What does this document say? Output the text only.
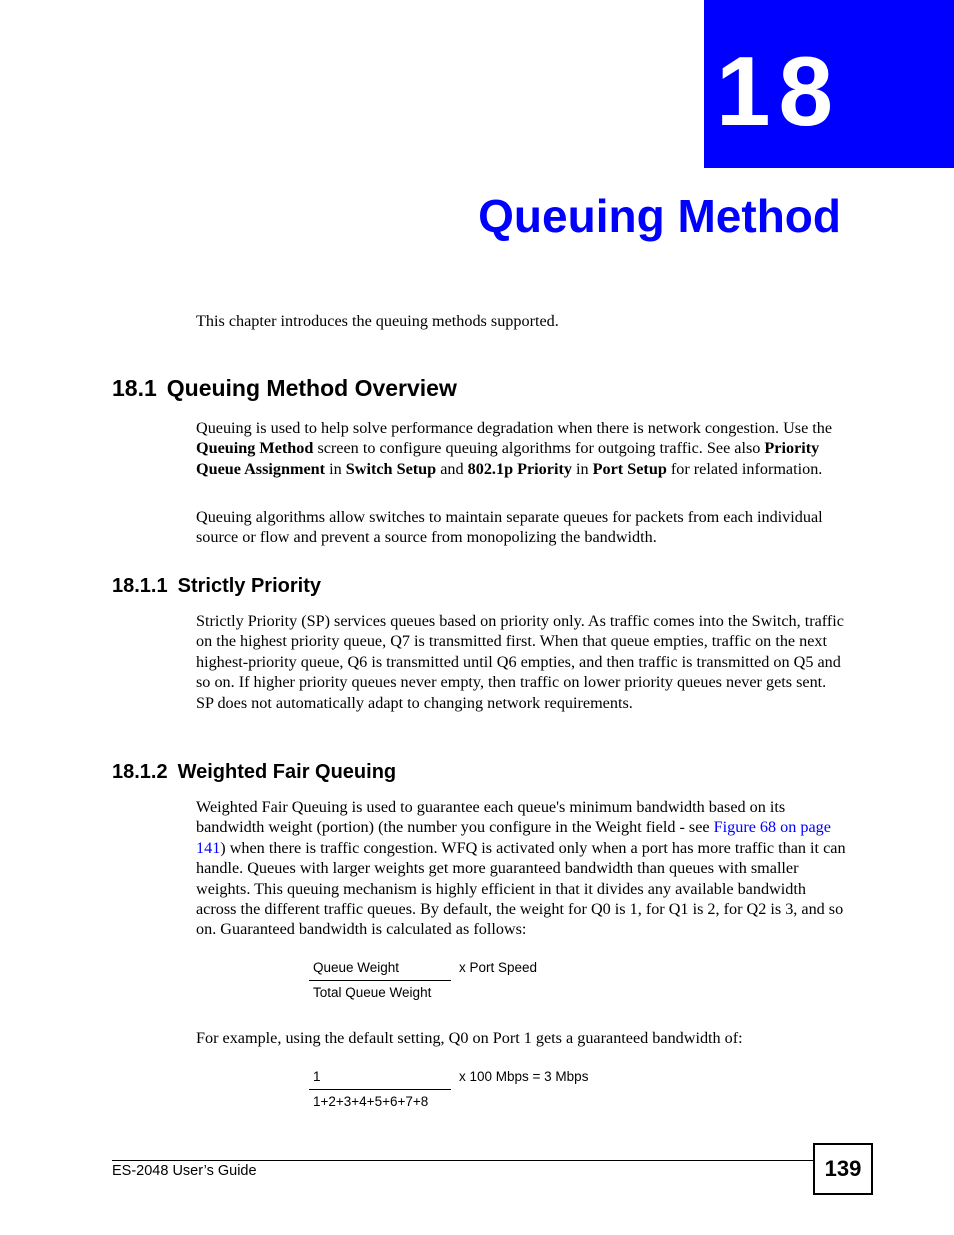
18
Queuing Method

This chapter introduces the queuing methods supported.

18.1 Queuing Method Overview

Queuing is used to help solve performance degradation when there is network congestion. Use the Queuing Method screen to configure queuing algorithms for outgoing traffic. See also Priority Queue Assignment in Switch Setup and 802.1p Priority in Port Setup for related information.

Queuing algorithms allow switches to maintain separate queues for packets from each individual source or flow and prevent a source from monopolizing the bandwidth.

18.1.1 Strictly Priority

Strictly Priority (SP) services queues based on priority only. As traffic comes into the Switch, traffic on the highest priority queue, Q7 is transmitted first. When that queue empties, traffic on the next highest-priority queue, Q6 is transmitted until Q6 empties, and then traffic is transmitted on Q5 and so on. If higher priority queues never empty, then traffic on lower priority queues never gets sent. SP does not automatically adapt to changing network requirements.

18.1.2 Weighted Fair Queuing

Weighted Fair Queuing is used to guarantee each queue's minimum bandwidth based on its bandwidth weight (portion) (the number you configure in the Weight field - see Figure 68 on page 141) when there is traffic congestion. WFQ is activated only when a port has more traffic than it can handle. Queues with larger weights get more guaranteed bandwidth than queues with smaller weights. This queuing mechanism is highly efficient in that it divides any available bandwidth across the different traffic queues. By default, the weight for Q0 is 1, for Q1 is 2, for Q2 is 3, and so on. Guaranteed bandwidth is calculated as follows:

Queue Weight	x Port Speed
Total Queue Weight

For example, using the default setting, Q0 on Port 1 gets a guaranteed bandwidth of:

1	x 100 Mbps = 3 Mbps
1+2+3+4+5+6+7+8
ES-2048 User’s Guide	139
